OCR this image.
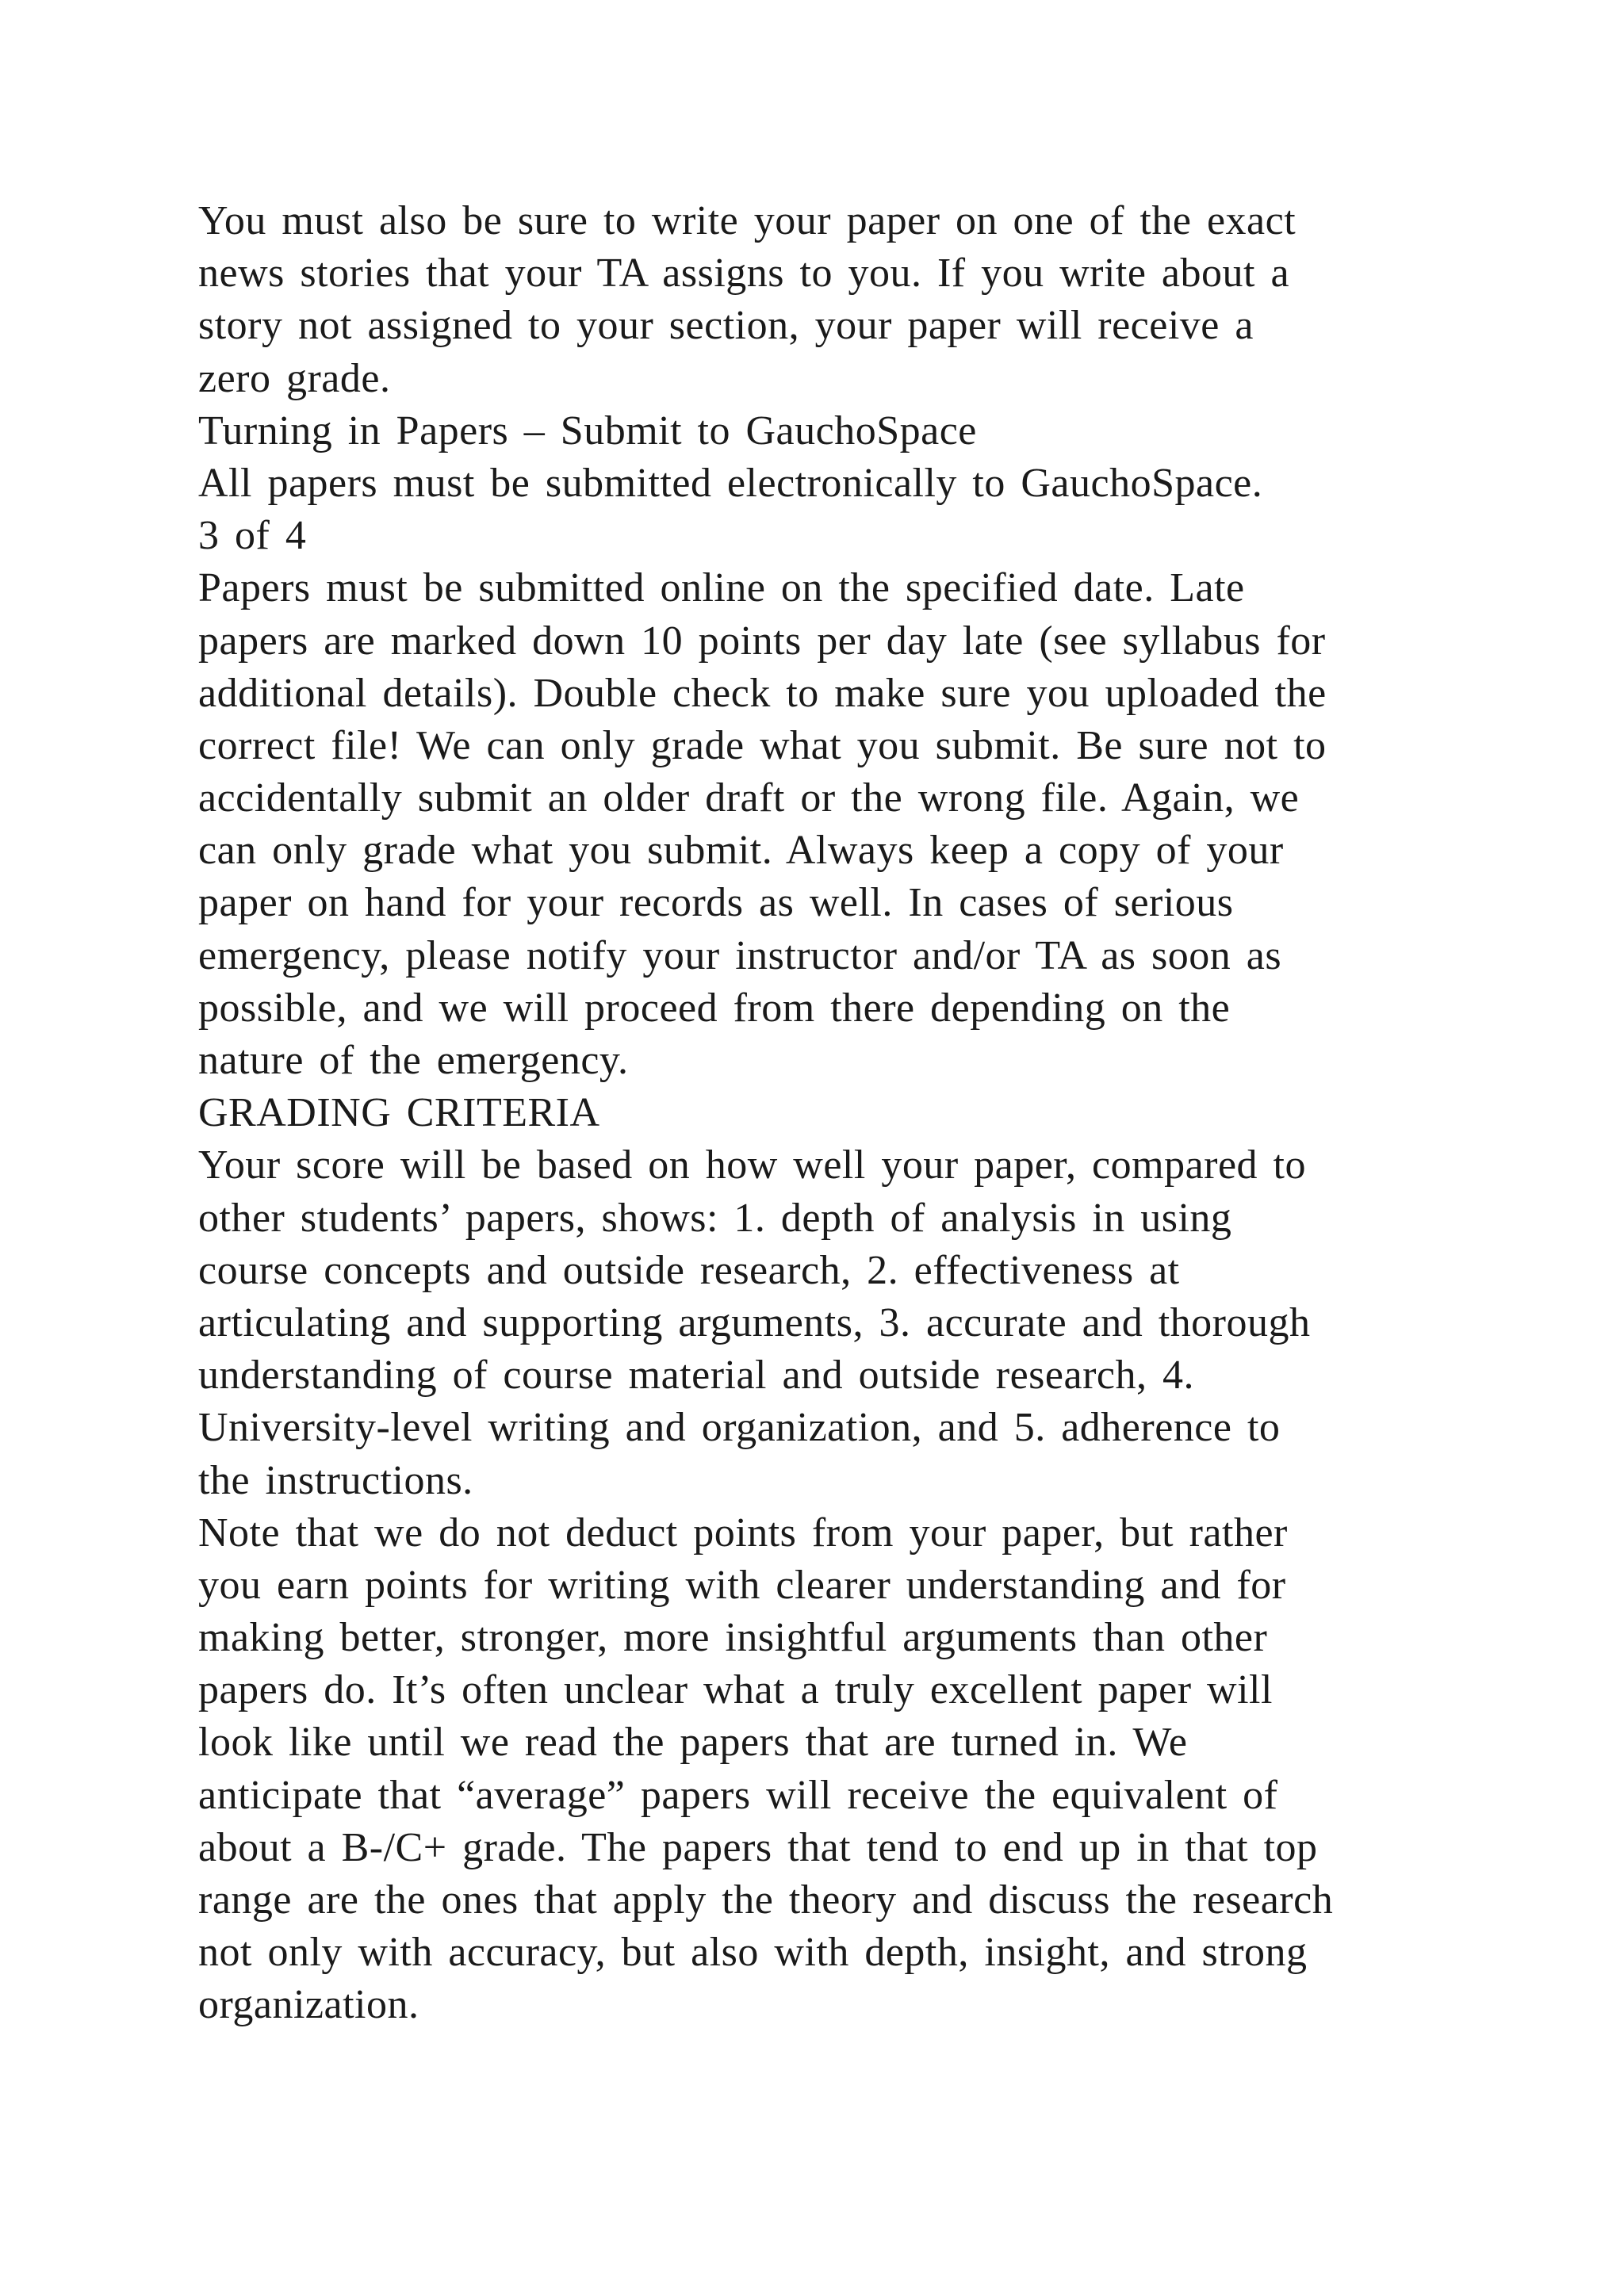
You must also be sure to write your paper on one of the exact
news stories that your TA assigns to you. If you write about a
story not assigned to your section, your paper will receive a
zero grade.
Turning in Papers – Submit to GauchoSpace
All papers must be submitted electronically to GauchoSpace.
3 of 4
Papers must be submitted online on the specified date. Late
papers are marked down 10 points per day late (see syllabus for
additional details). Double check to make sure you uploaded the
correct file! We can only grade what you submit. Be sure not to
accidentally submit an older draft or the wrong file. Again, we
can only grade what you submit. Always keep a copy of your
paper on hand for your records as well. In cases of serious
emergency, please notify your instructor and/or TA as soon as
possible, and we will proceed from there depending on the
nature of the emergency.
GRADING CRITERIA
Your score will be based on how well your paper, compared to
other students’ papers, shows: 1. depth of analysis in using
course concepts and outside research, 2. effectiveness at
articulating and supporting arguments, 3. accurate and thorough
understanding of course material and outside research, 4.
University-level writing and organization, and 5. adherence to
the instructions.
Note that we do not deduct points from your paper, but rather
you earn points for writing with clearer understanding and for
making better, stronger, more insightful arguments than other
papers do. It’s often unclear what a truly excellent paper will
look like until we read the papers that are turned in. We
anticipate that “average” papers will receive the equivalent of
about a B-/C+ grade. The papers that tend to end up in that top
range are the ones that apply the theory and discuss the research
not only with accuracy, but also with depth, insight, and strong
organization.
